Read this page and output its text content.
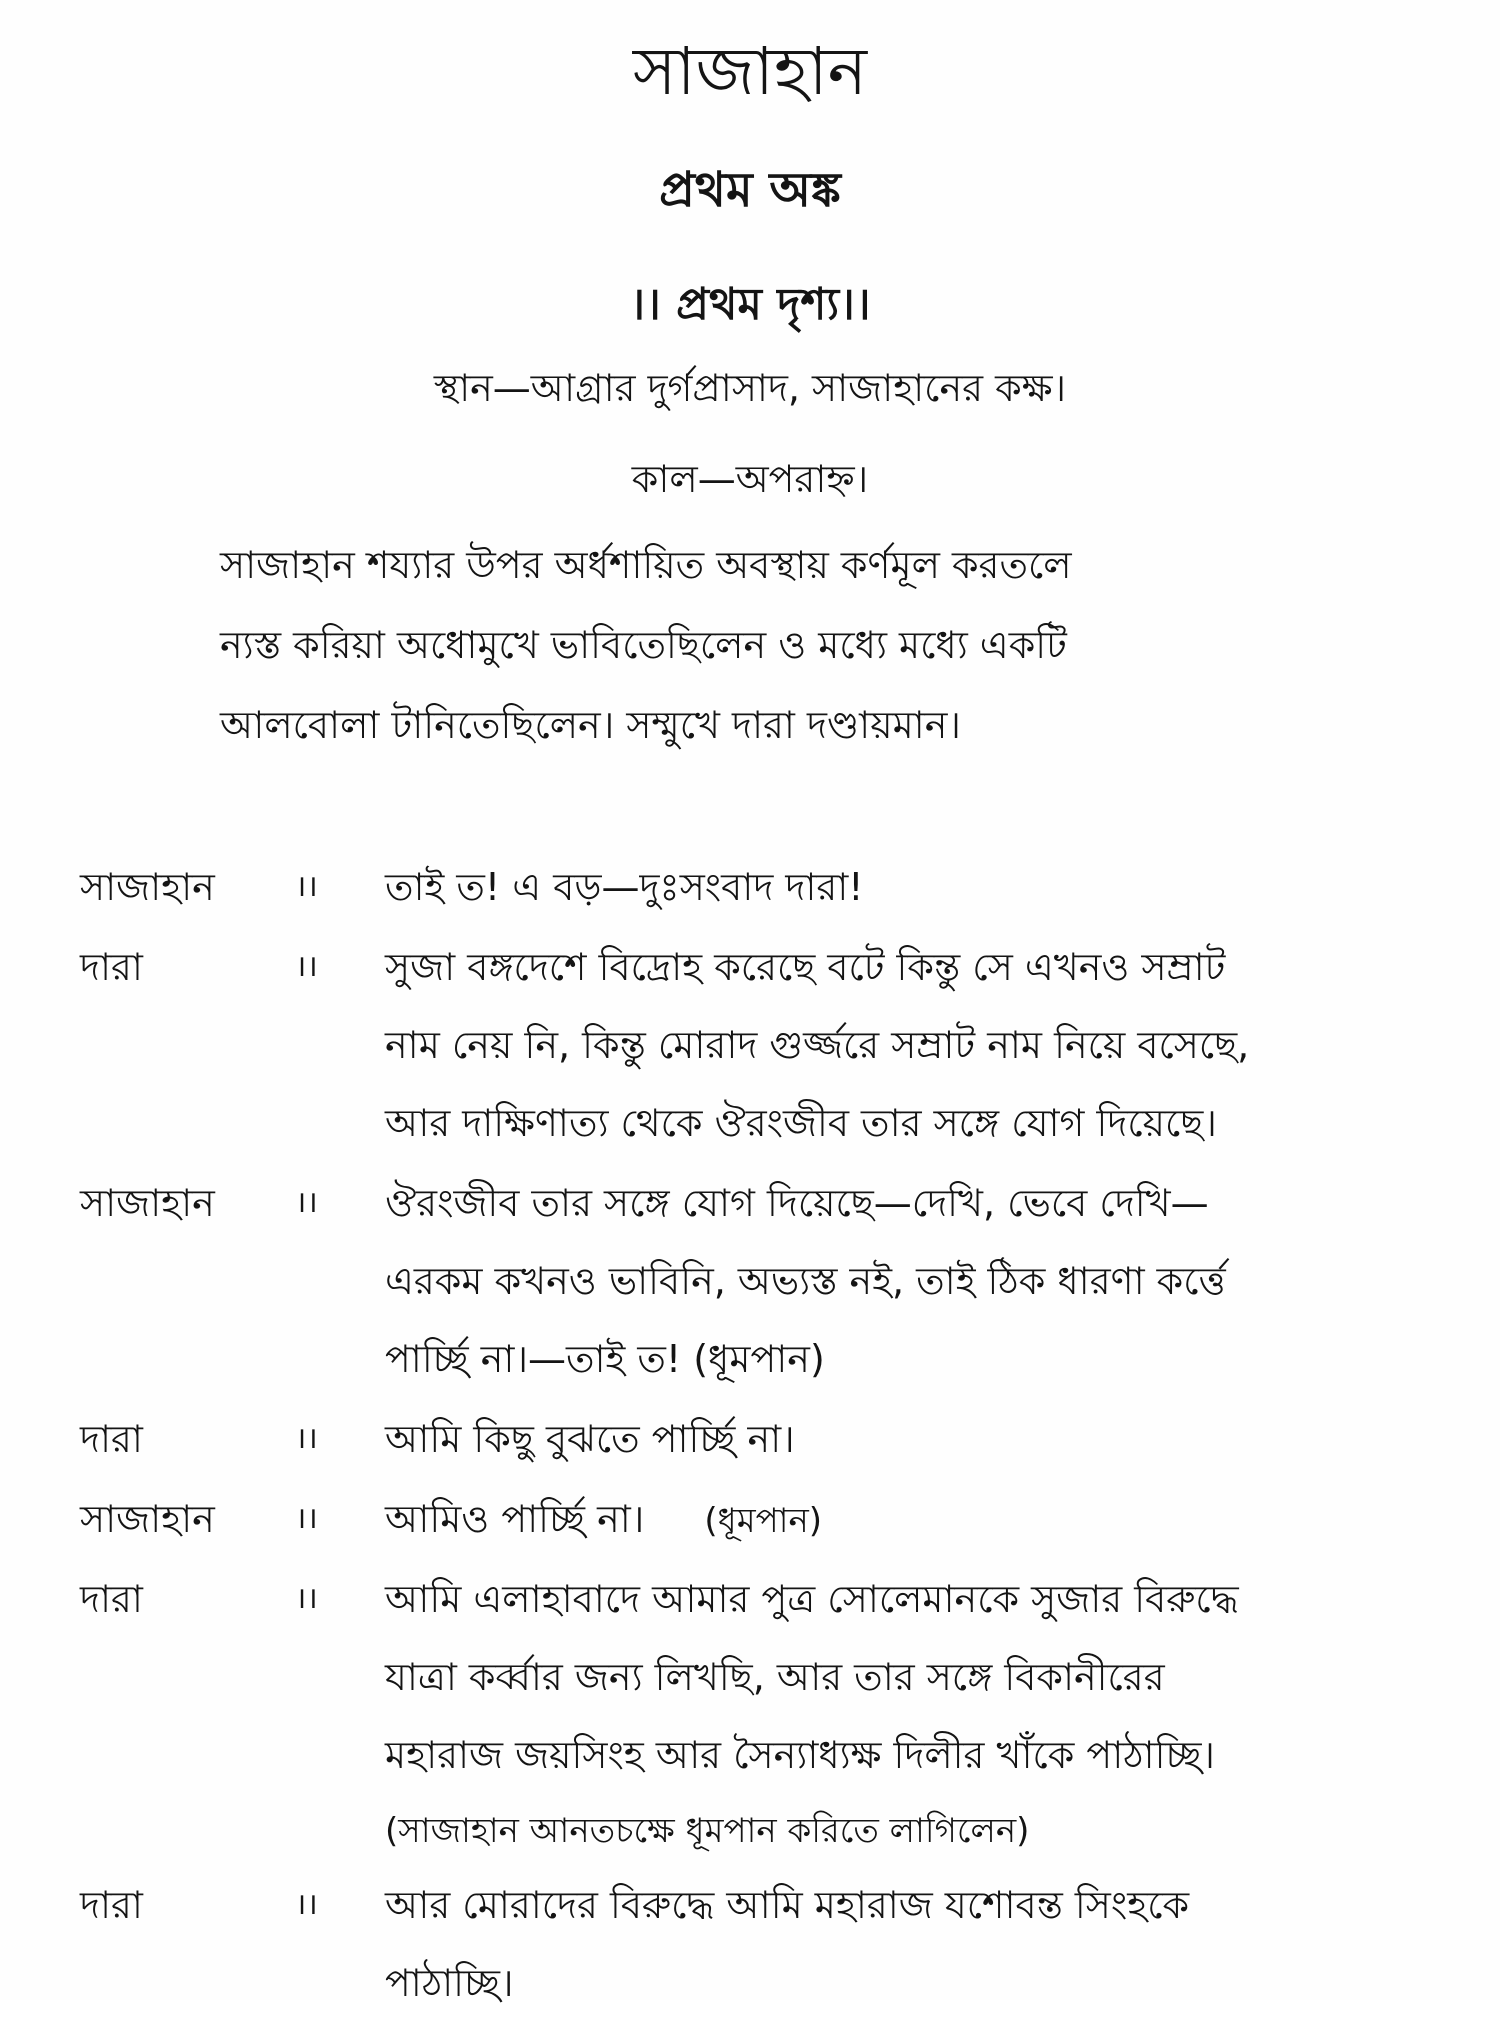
সাজাহান
প্রথম অঙ্ক
।। প্রথম দৃশ্য।।
স্থান—আগ্রার দুর্গপ্রাসাদ, সাজাহানের কক্ষ।
কাল—অপরাহ্ন।
সাজাহান শয্যার উপর অর্ধশায়িত অবস্থায় কর্ণমূল করতলে
ন্যস্ত করিয়া অধোমুখে ভাবিতেছিলেন ও মধ্যে মধ্যে একটি
আলবোলা টানিতেছিলেন। সম্মুখে দারা দণ্ডায়মান।
সাজাহান	।।	তাই ত! এ বড়—দুঃসংবাদ দারা!
দারা	।।	সুজা বঙ্গদেশে বিদ্রোহ করেছে বটে কিন্তু সে এখনও সম্রাট
নাম নেয় নি, কিন্তু মোরাদ গুর্জ্জরে সম্রাট নাম নিয়ে বসেছে,
আর দাক্ষিণাত্য থেকে ঔরংজীব তার সঙ্গে যোগ দিয়েছে।
সাজাহান	।।	ঔরংজীব তার সঙ্গে যোগ দিয়েছে—দেখি, ভেবে দেখি—
এরকম কখনও ভাবিনি, অভ্যস্ত নই, তাই ঠিক ধারণা কর্ত্তে
পার্চ্ছি না।—তাই ত! (ধূমপান)
দারা	।।	আমি কিছু বুঝতে পার্চ্ছি না।
সাজাহান	।।	আমিও পার্চ্ছি না। (ধূমপান)
দারা	।।	আমি এলাহাবাদে আমার পুত্র সোলেমানকে সুজার বিরুদ্ধে
যাত্রা কর্ব্বার জন্য লিখছি, আর তার সঙ্গে বিকানীরের
মহারাজ জয়সিংহ আর সৈন্যাধ্যক্ষ দিলীর খাঁকে পাঠাচ্ছি।
(সাজাহান আনতচক্ষে ধূমপান করিতে লাগিলেন)
দারা	।।	আর মোরাদের বিরুদ্ধে আমি মহারাজ যশোবন্ত সিংহকে
পাঠাচ্ছি।
